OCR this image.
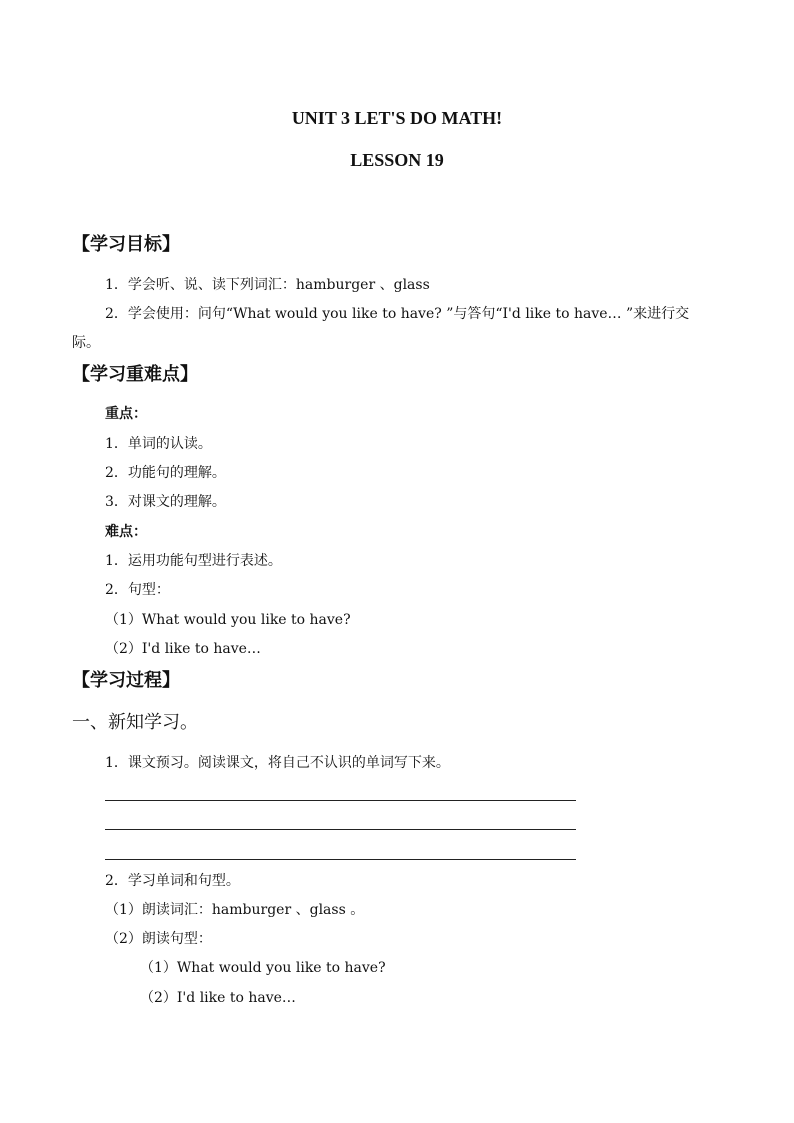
UNIT 3 LET'S DO MATH!
LESSON 19
【学习目标】
1．学会听、说、读下列词汇：hamburger 、glass
2．学会使用：问句“What would you like to have? ”与答句“I'd like to have… ”来进行交
际。
【学习重难点】
重点：
1．单词的认读。
2．功能句的理解。
3．对课文的理解。
难点：
1．运用功能句型进行表述。
2．句型：
（1）What would you like to have?
（2）I'd like to have…
【学习过程】
一、新知学习。
1．课文预习。阅读课文，将自己不认识的单词写下来。
2．学习单词和句型。
（1）朗读词汇：hamburger 、glass 。
（2）朗读句型：
（1）What would you like to have?
（2）I'd like to have…
